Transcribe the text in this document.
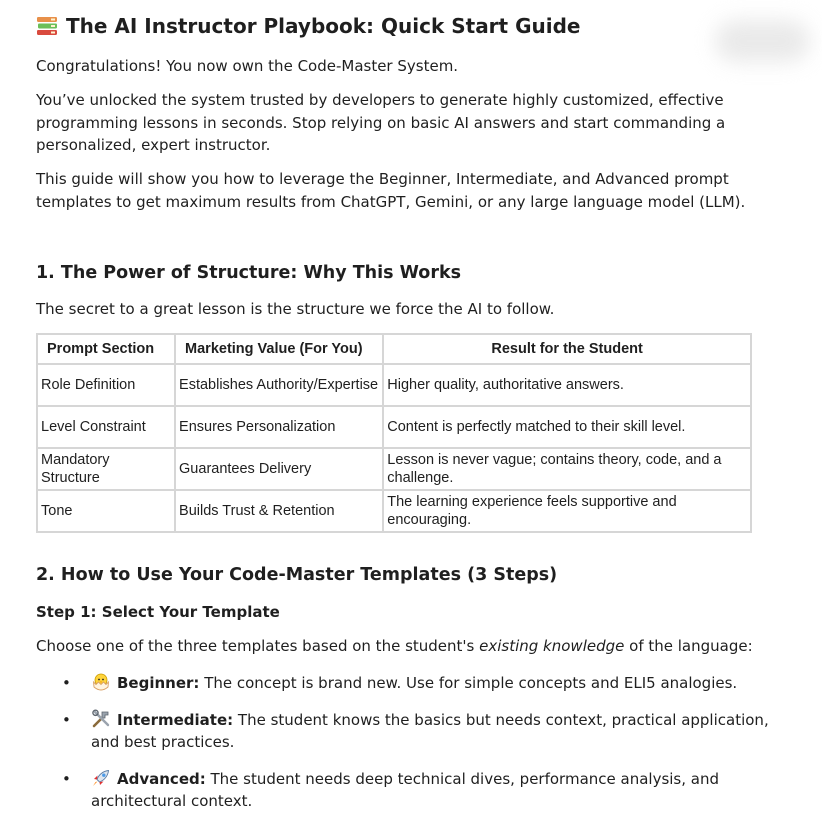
The AI Instructor Playbook: Quick Start Guide

Congratulations! You now own the Code-Master System.

You’ve unlocked the system trusted by developers to generate highly customized, effective programming lessons in seconds. Stop relying on basic AI answers and start commanding a personalized, expert instructor.

This guide will show you how to leverage the Beginner, Intermediate, and Advanced prompt templates to get maximum results from ChatGPT, Gemini, or any large language model (LLM).

1. The Power of Structure: Why This Works

The secret to a great lesson is the structure we force the AI to follow.

Prompt Section	Marketing Value (For You)	Result for the Student
Role Definition	Establishes Authority/Expertise	Higher quality, authoritative answers.
Level Constraint	Ensures Personalization	Content is perfectly matched to their skill level.
Mandatory Structure	Guarantees Delivery	Lesson is never vague; contains theory, code, and a challenge.
Tone	Builds Trust & Retention	The learning experience feels supportive and encouraging.
2. How to Use Your Code-Master Templates (3 Steps)
Step 1: Select Your Template

Choose one of the three templates based on the student's existing knowledge of the language:

• Beginner: The concept is brand new. Use for simple concepts and ELI5 analogies.
• Intermediate: The student knows the basics but needs context, practical application, and best practices.
• Advanced: The student needs deep technical dives, performance analysis, and architectural context.
